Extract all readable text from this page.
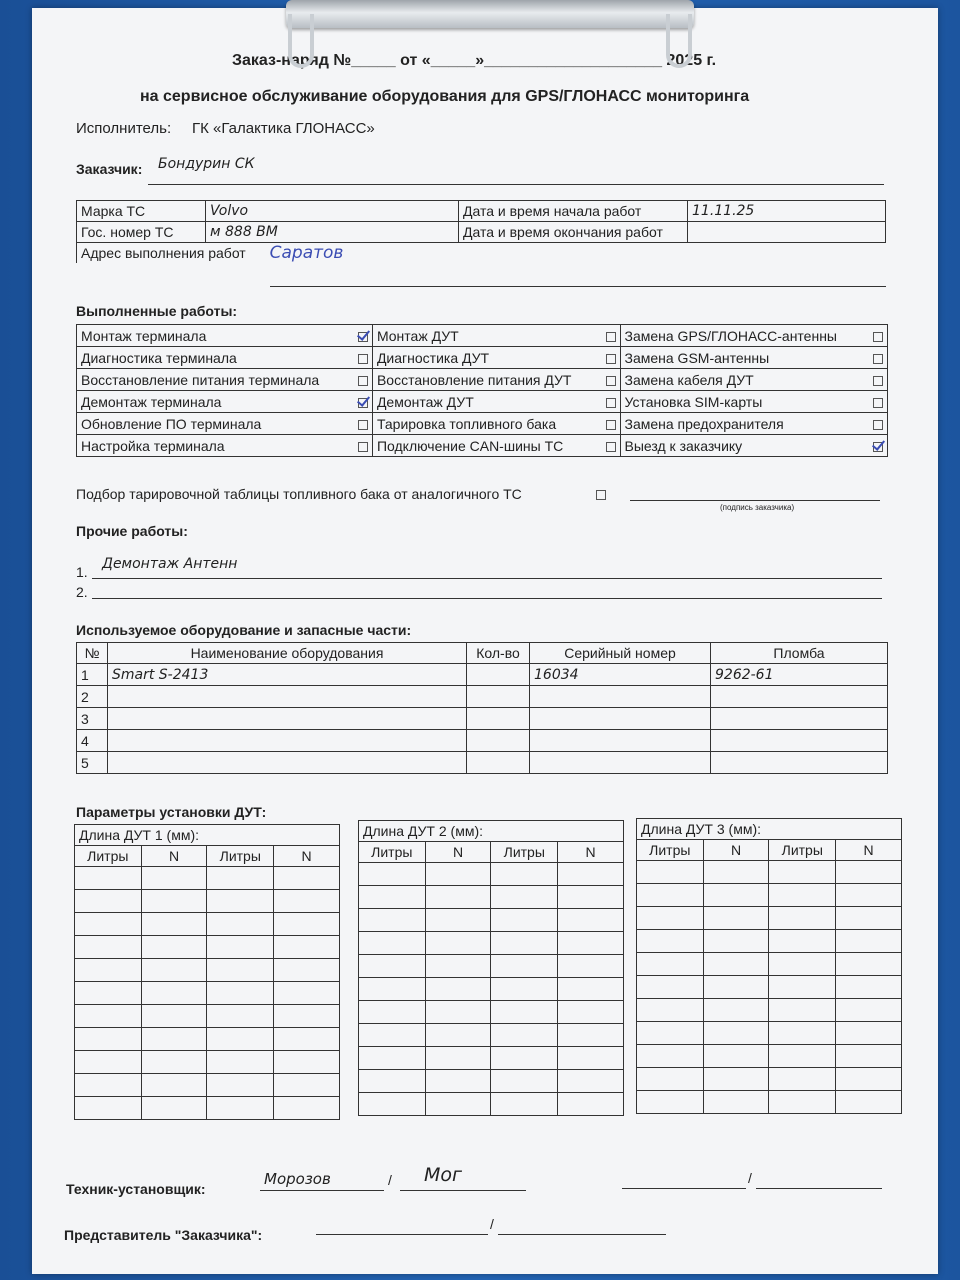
Заказ-наряд №_____ от «_____»____________________ 2025 г.
на сервисное обслуживание оборудования для GPS/ГЛОНАСС мониторинга
Исполнитель: ГК «Галактика ГЛОНАСС»
Заказчик: Бондурин СК
Марка ТС	Volvo	Дата и время начала работ	11.11.25
Гос. номер ТС	м 888 ВМ	Дата и время окончания работ	
Адрес выполнения работ Саратов			
Выполненные работы:
Монтаж терминала		Монтаж ДУТ		Замена GPS/ГЛОНАСС-антенны	
Диагностика терминала		Диагностика ДУТ		Замена GSM-антенны	
Восстановление питания терминала		Восстановление питания ДУТ		Замена кабеля ДУТ	
Демонтаж терминала		Демонтаж ДУТ		Установка SIM-карты	
Обновление ПО терминала		Тарировка топливного бака		Замена предохранителя	
Настройка терминала		Подключение CAN-шины ТС		Выезд к заказчику	
Подбор тарировочной таблицы топливного бака от аналогичного ТС
(подпись заказчика)
Прочие работы:
1. Демонтаж Антенн
2.
Используемое оборудование и запасные части:
№	Наименование оборудования	Кол-во	Серийный номер	Пломба
1	Smart S-2413		16034	9262-61
2				
3				
4				
5				
Параметры установки ДУТ:
Длина ДУТ 1 (мм):			
Литры	N	Литры	N

Длина ДУТ 2 (мм):			
Литры	N	Литры	N

Длина ДУТ 3 (мм):			
Литры	N	Литры	N

Техник-установщик:
Морозов	/ Мог	/
Представитель "Заказчика":
/
